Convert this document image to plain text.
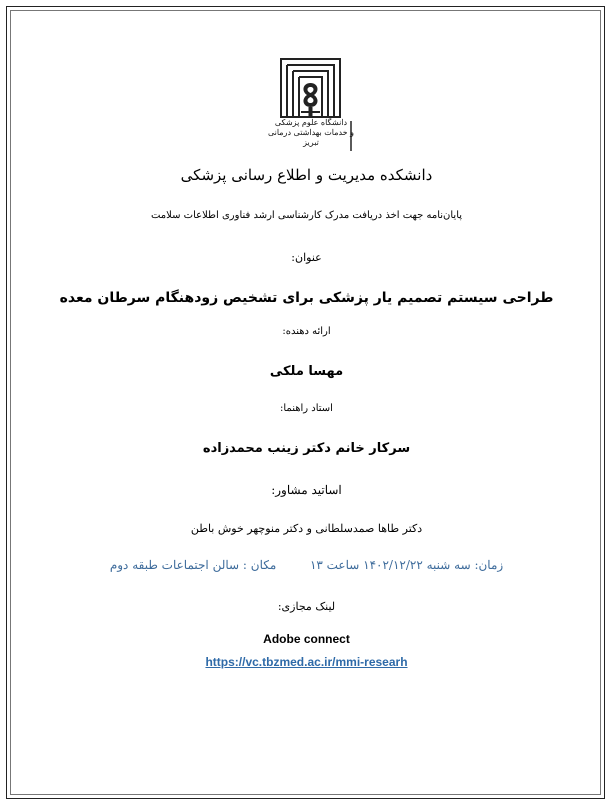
دانشگاه علوم پزشکی
و خدمات بهداشتی درمانی تبریز
دانشکده مدیریت و اطلاع رسانی پزشکی
پایان‌نامه جهت اخذ دریافت مدرک کارشناسی ارشد فناوری اطلاعات سلامت
عنوان:
طراحی سیستم تصمیم یار پزشکی برای تشخیص زودهنگام سرطان معده
ارائه دهنده:
مهسا ملکی
استاد راهنما:
سرکار خانم دکتر زینب محمدزاده
اساتید مشاور:
دکتر طاها صمدسلطانی و دکتر منوچهر خوش باطن
زمان: سه شنبه ۱۴۰۲/۱۲/۲۲ ساعت ۱۳  مکان : سالن اجتماعات طبقه دوم
لینک مجازی:
Adobe connect
https://vc.tbzmed.ac.ir/mmi-researh
